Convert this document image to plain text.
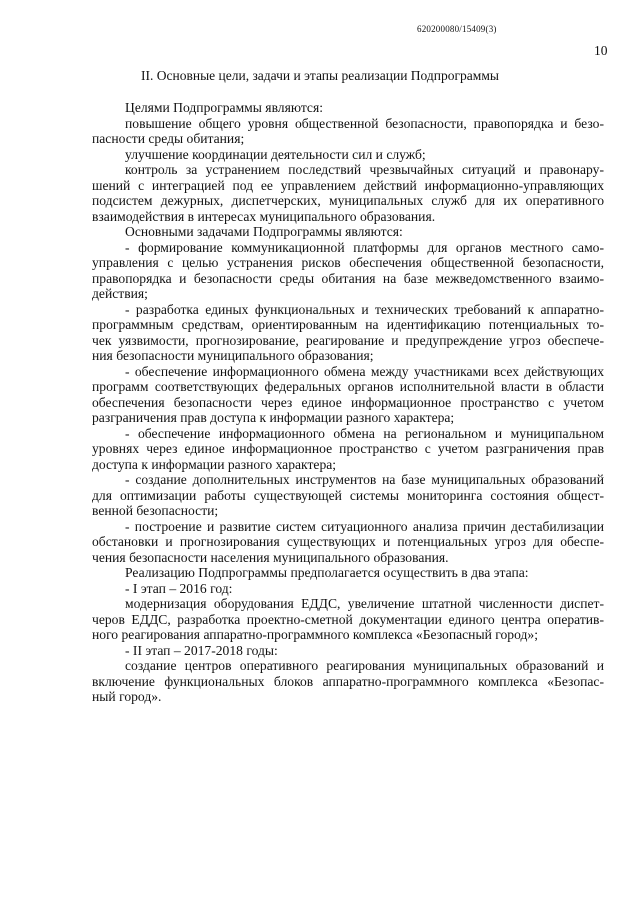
620200080/15409(3)
10
II. Основные цели, задачи и этапы реализации Подпрограммы
Целями Подпрограммы являются:
повышение общего уровня общественной безопасности, правопорядка и безо-
пасности среды обитания;
улучшение координации деятельности сил и служб;
контроль за устранением последствий чрезвычайных ситуаций и правонару-
шений с интеграцией под ее управлением действий информационно-управляющих
подсистем дежурных, диспетчерских, муниципальных служб для их оперативного
взаимодействия в интересах муниципального образования.
Основными задачами Подпрограммы являются:
- формирование коммуникационной платформы для органов местного само-
управления с целью устранения рисков обеспечения общественной безопасности,
правопорядка и безопасности среды обитания на базе межведомственного взаимо-
действия;
- разработка единых функциональных и технических требований к аппаратно-
программным средствам, ориентированным на идентификацию потенциальных то-
чек уязвимости, прогнозирование, реагирование и предупреждение угроз обеспече-
ния безопасности муниципального образования;
- обеспечение информационного обмена между участниками всех действующих
программ соответствующих федеральных органов исполнительной власти в области
обеспечения безопасности через единое информационное пространство с учетом
разграничения прав доступа к информации разного характера;
- обеспечение информационного обмена на региональном и муниципальном
уровнях через единое информационное пространство с учетом разграничения прав
доступа к информации разного характера;
- создание дополнительных инструментов на базе муниципальных образований
для оптимизации работы существующей системы мониторинга состояния общест-
венной безопасности;
- построение и развитие систем ситуационного анализа причин дестабилизации
обстановки и прогнозирования существующих и потенциальных угроз для обеспе-
чения безопасности населения муниципального образования.
Реализацию Подпрограммы предполагается осуществить в два этапа:
- I этап – 2016 год:
модернизация оборудования ЕДДС, увеличение штатной численности диспет-
черов ЕДДС, разработка проектно-сметной документации единого центра оператив-
ного реагирования аппаратно-программного комплекса «Безопасный город»;
- II этап – 2017-2018 годы:
создание центров оперативного реагирования муниципальных образований и
включение функциональных блоков аппаратно-программного комплекса «Безопас-
ный город».
